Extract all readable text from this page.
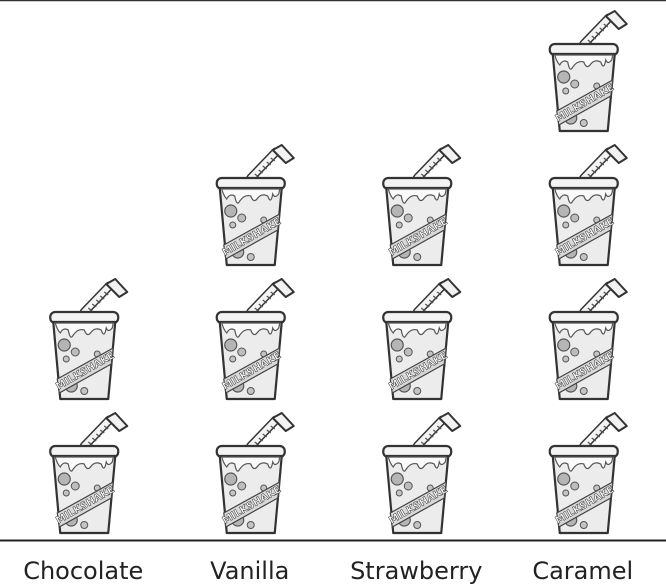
Chocolate	Vanilla	Strawberry Caramel
